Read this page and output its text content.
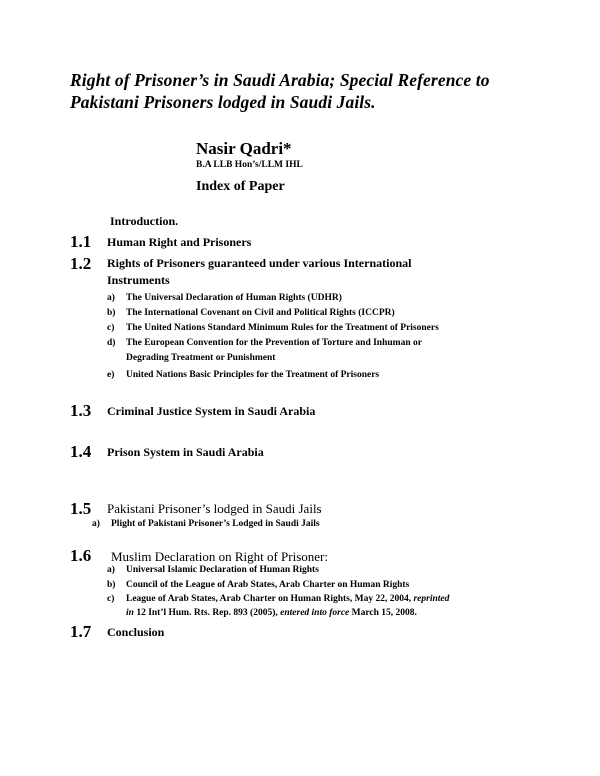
Right of Prisoner’s in Saudi Arabia; Special Reference to
Pakistani Prisoners lodged in Saudi Jails.
Nasir Qadri*
B.A LLB Hon’s/LLM IHL
Index of Paper
Introduction.
1.1 Human Right and Prisoners
1.2 Rights of Prisoners guaranteed under various International
Instruments
a) The Universal Declaration of Human Rights (UDHR)
b) The International Covenant on Civil and Political Rights (ICCPR)
c) The United Nations Standard Minimum Rules for the Treatment of Prisoners
d) The European Convention for the Prevention of Torture and Inhuman or
Degrading Treatment or Punishment
e) United Nations Basic Principles for the Treatment of Prisoners
1.3 Criminal Justice System in Saudi Arabia
1.4 Prison System in Saudi Arabia
1.5 Pakistani Prisoner’s lodged in Saudi Jails
a) Plight of Pakistani Prisoner’s Lodged in Saudi Jails
1.6 Muslim Declaration on Right of Prisoner:
a) Universal Islamic Declaration of Human Rights
b) Council of the League of Arab States, Arab Charter on Human Rights
c) League of Arab States, Arab Charter on Human Rights, May 22, 2004, reprinted
in 12 Int’l Hum. Rts. Rep. 893 (2005), entered into force March 15, 2008.
1.7 Conclusion
